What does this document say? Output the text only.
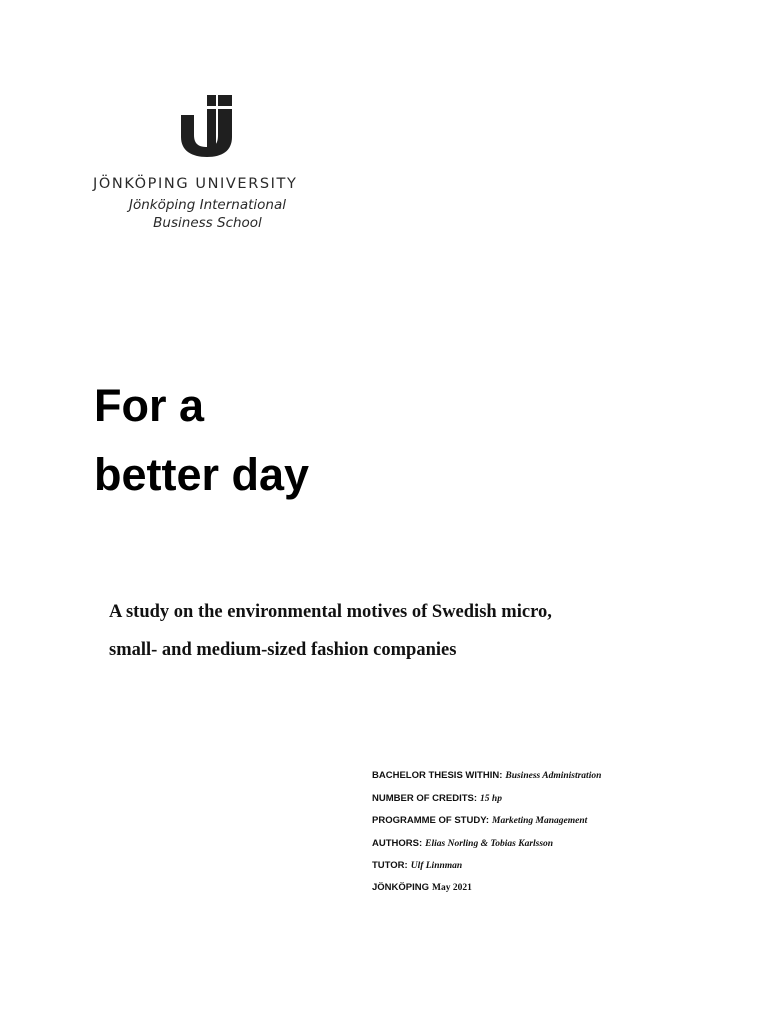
JÖNKÖPING UNIVERSITY
Jönköping International
Business School
For a
better day
A study on the environmental motives of Swedish micro,
small- and medium-sized fashion companies
BACHELOR THESIS WITHIN: Business Administration
NUMBER OF CREDITS: 15 hp
PROGRAMME OF STUDY: Marketing Management
AUTHORS: Elias Norling & Tobias Karlsson
TUTOR: Ulf Linnman
JÖNKÖPING May 2021
